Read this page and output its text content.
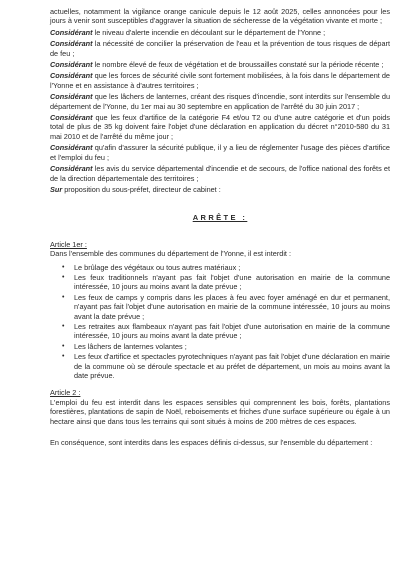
actuelles, notamment la vigilance orange canicule depuis le 12 août 2025, celles annoncées pour les jours à venir sont susceptibles d'aggraver la situation de sécheresse de la végétation vivante et morte ;

Considérant le niveau d'alerte incendie en découlant sur le département de l'Yonne ;

Considérant la nécessité de concilier la préservation de l'eau et la prévention de tous risques de départ de feu ;

Considérant le nombre élevé de feux de végétation et de broussailles constaté sur la période récente ;

Considérant que les forces de sécurité civile sont fortement mobilisées, à la fois dans le département de l'Yonne et en assistance à d'autres territoires ;

Considérant que les lâchers de lanternes, créant des risques d'incendie, sont interdits sur l'ensemble du département de l'Yonne, du 1er mai au 30 septembre en application de l'arrêté du 30 juin 2017 ;

Considérant que les feux d'artifice de la catégorie F4 et/ou T2 ou d'une autre catégorie et d'un poids total de plus de 35 kg doivent faire l'objet d'une déclaration en application du décret n°2010-580 du 31 mai 2010 et de l'arrêté du même jour ;

Considérant qu'afin d'assurer la sécurité publique, il y a lieu de réglementer l'usage des pièces d'artifice et l'emploi du feu ;

Considérant les avis du service départemental d'incendie et de secours, de l'office national des forêts et de la direction départementale des territoires ;

Sur proposition du sous-préfet, directeur de cabinet :

ARRÊTE :

Article 1er :

Dans l'ensemble des communes du département de l'Yonne, il est interdit :

• Le brûlage des végétaux ou tous autres matériaux ;
• Les feux traditionnels n'ayant pas fait l'objet d'une autorisation en mairie de la commune intéressée, 10 jours au moins avant la date prévue ;
• Les feux de camps y compris dans les places à feu avec foyer aménagé en dur et permanent, n'ayant pas fait l'objet d'une autorisation en mairie de la commune intéressée, 10 jours au moins avant la date prévue ;
• Les retraites aux flambeaux n'ayant pas fait l'objet d'une autorisation en mairie de la commune intéressée, 10 jours au moins avant la date prévue ;
• Les lâchers de lanternes volantes ;
• Les feux d'artifice et spectacles pyrotechniques n'ayant pas fait l'objet d'une déclaration en mairie de la commune où se déroule spectacle et au préfet de département, un mois au moins avant la date prévue.

Article 2 :

L'emploi du feu est interdit dans les espaces sensibles qui comprennent les bois, forêts, plantations forestières, plantations de sapin de Noël, reboisements et friches d'une surface supérieure ou égale à un hectare ainsi que dans tous les terrains qui sont situés à moins de 200 mètres de ces espaces.

En conséquence, sont interdits dans les espaces définis ci-dessus, sur l'ensemble du département :
